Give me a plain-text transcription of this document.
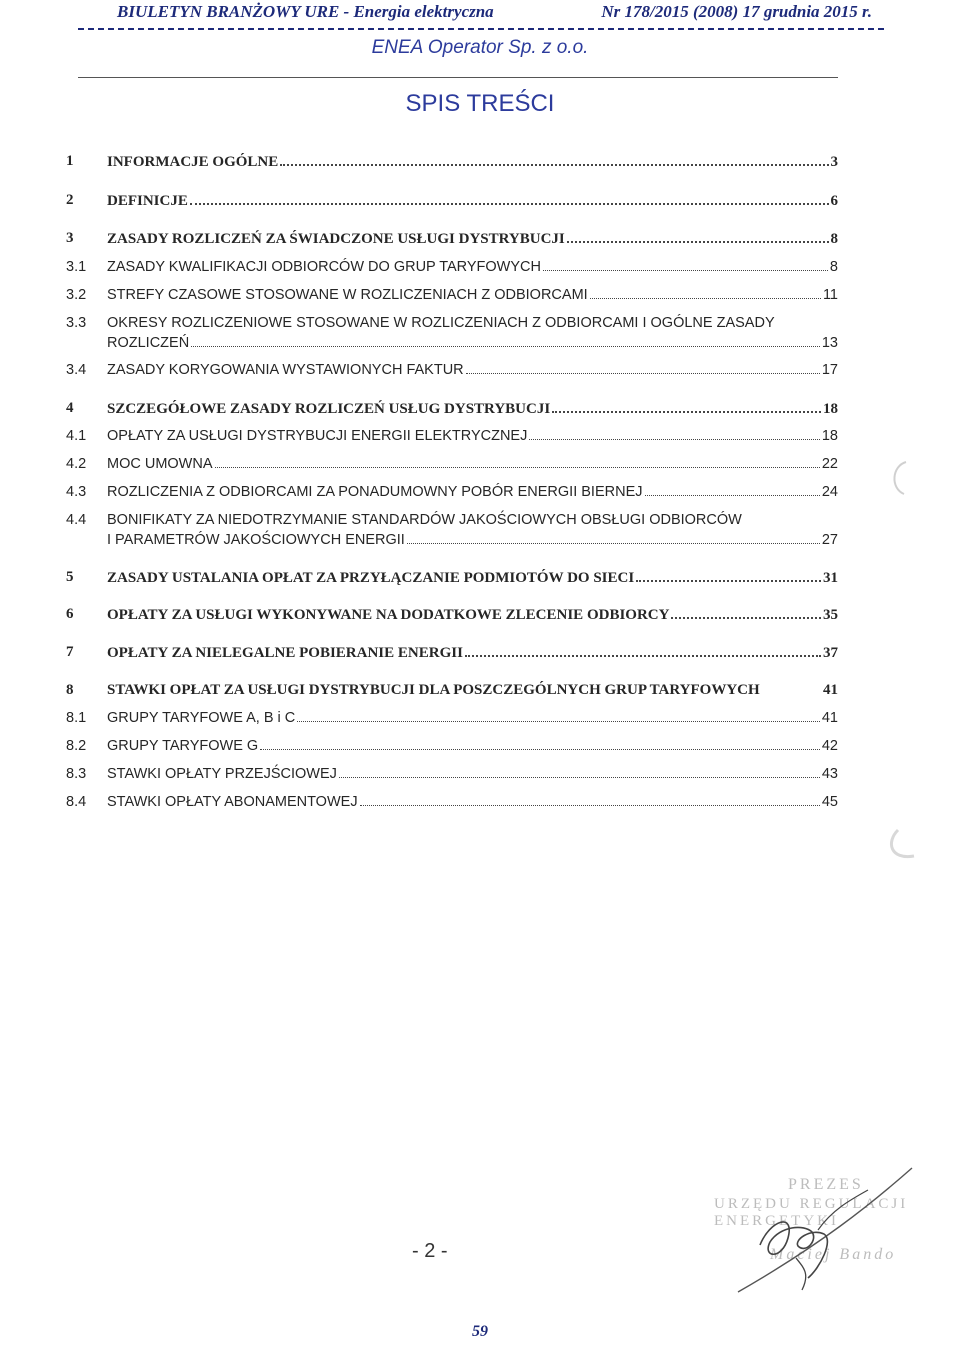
BIULETYN BRANŻOWY URE - Energia elektryczna	Nr 178/2015 (2008) 17 grudnia 2015 r.
ENEA Operator Sp. z o.o.
SPIS TREŚCI
1 INFORMACJE OGÓLNE	3
2 DEFINICJE	6
3 ZASADY ROZLICZEŃ ZA ŚWIADCZONE USŁUGI DYSTRYBUCJI	8
3.1 ZASADY KWALIFIKACJI ODBIORCÓW DO GRUP TARYFOWYCH	8
3.2 STREFY CZASOWE STOSOWANE W ROZLICZENIACH Z ODBIORCAMI	11
3.3 OKRESY ROZLICZENIOWE STOSOWANE W ROZLICZENIACH Z ODBIORCAMI I OGÓLNE ZASADY
ROZLICZEŃ	13
3.4 ZASADY KORYGOWANIA WYSTAWIONYCH FAKTUR	17
4 SZCZEGÓŁOWE ZASADY ROZLICZEŃ USŁUG DYSTRYBUCJI	18
4.1 OPŁATY ZA USŁUGI DYSTRYBUCJI ENERGII ELEKTRYCZNEJ	18
4.2 MOC UMOWNA	22
4.3 ROZLICZENIA Z ODBIORCAMI ZA PONADUMOWNY POBÓR ENERGII BIERNEJ	24
4.4 BONIFIKATY ZA NIEDOTRZYMANIE STANDARDÓW JAKOŚCIOWYCH OBSŁUGI ODBIORCÓW
I PARAMETRÓW JAKOŚCIOWYCH ENERGII	27
5 ZASADY USTALANIA OPŁAT ZA PRZYŁĄCZANIE PODMIOTÓW DO SIECI	31
6 OPŁATY ZA USŁUGI WYKONYWANE NA DODATKOWE ZLECENIE ODBIORCY	35
7 OPŁATY ZA NIELEGALNE POBIERANIE ENERGII	37
8 STAWKI OPŁAT ZA USŁUGI DYSTRYBUCJI DLA POSZCZEGÓLNYCH GRUP TARYFOWYCH	41
8.1 GRUPY TARYFOWE A, B i C	41
8.2 GRUPY TARYFOWE G	42
8.3 STAWKI OPŁATY PRZEJŚCIOWEJ	43
8.4 STAWKI OPŁATY ABONAMENTOWEJ	45
- 2 -
PREZES
URZĘDU REGULACJI ENERGETYKI
Maciej Bando
59
